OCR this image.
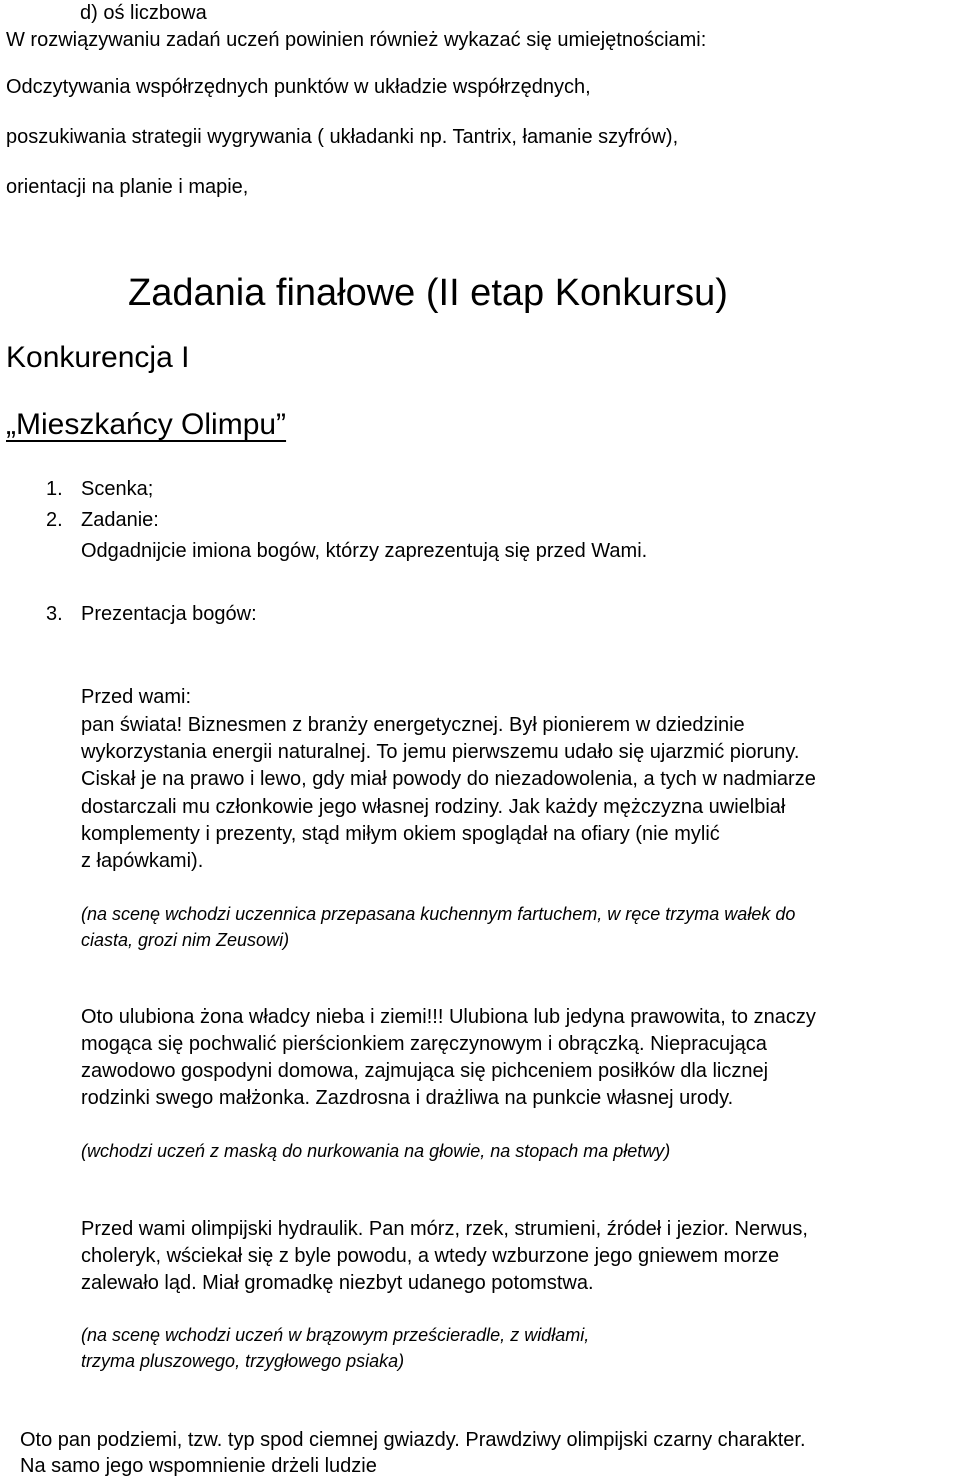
d) oś liczbowa
W rozwiązywaniu zadań uczeń powinien również wykazać się umiejętnościami:
Odczytywania współrzędnych punktów w układzie współrzędnych,
poszukiwania strategii wygrywania ( układanki np. Tantrix, łamanie szyfrów),
orientacji na planie i mapie,
Zadania finałowe (II etap Konkursu)
Konkurencja I
„Mieszkańcy Olimpu”
1. Scenka;
2. Zadanie:
Odgadnijcie imiona bogów, którzy zaprezentują się przed Wami.
3. Prezentacja bogów:
Przed wami:
pan świata! Biznesmen z branży energetycznej. Był pionierem w dziedzinie
wykorzystania energii naturalnej. To jemu pierwszemu udało się ujarzmić pioruny.
Ciskał je na prawo i lewo, gdy miał powody do niezadowolenia, a tych w nadmiarze
dostarczali mu członkowie jego własnej rodziny. Jak każdy mężczyzna uwielbiał
komplementy i prezenty, stąd miłym okiem spoglądał na ofiary (nie mylić
z łapówkami).
(na scenę wchodzi uczennica przepasana kuchennym fartuchem, w ręce trzyma wałek do
ciasta, grozi nim Zeusowi)
Oto ulubiona żona władcy nieba i ziemi!!! Ulubiona lub jedyna prawowita, to znaczy
mogąca się pochwalić pierścionkiem zaręczynowym i obrączką. Niepracująca
zawodowo gospodyni domowa, zajmująca się pichceniem posiłków dla licznej
rodzinki swego małżonka. Zazdrosna i drażliwa na punkcie własnej urody.
(wchodzi uczeń z maską do nurkowania na głowie, na stopach ma płetwy)
Przed wami olimpijski hydraulik. Pan mórz, rzek, strumieni, źródeł i jezior. Nerwus,
choleryk, wściekał się z byle powodu, a wtedy wzburzone jego gniewem morze
zalewało ląd. Miał gromadkę niezbyt udanego potomstwa.
(na scenę wchodzi uczeń w brązowym prześcieradle, z widłami,
trzyma pluszowego, trzygłowego psiaka)
Oto pan podziemi, tzw. typ spod ciemnej gwiazdy. Prawdziwy olimpijski czarny charakter.
Na samo jego wspomnienie drżeli ludzie
